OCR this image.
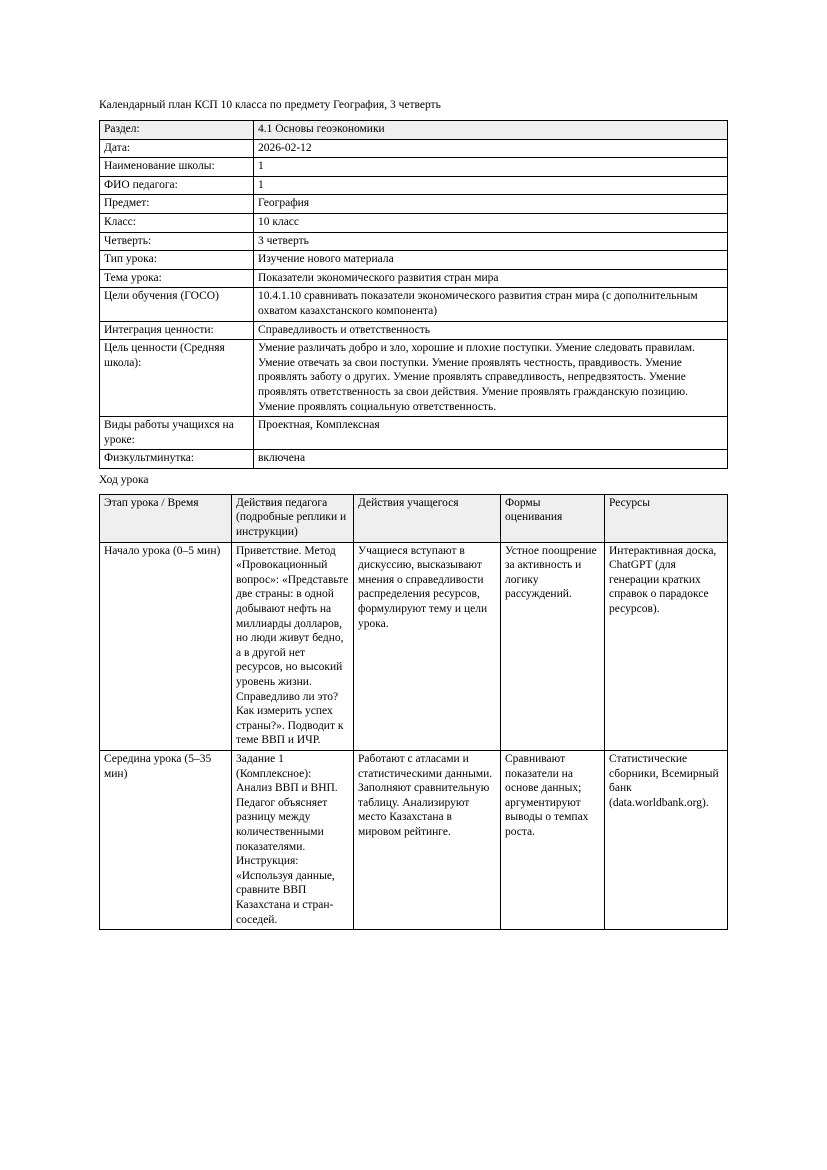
Календарный план КСП 10 класса по предмету География, 3 четверть

Раздел:	4.1 Основы геоэкономики
Дата:	2026-02-12
Наименование школы:	1
ФИО педагога:	1
Предмет:	География
Класс:	10 класс
Четверть:	3 четверть
Тип урока:	Изучение нового материала
Тема урока:	Показатели экономического развития стран мира
Цели обучения (ГОСО)	10.4.1.10 сравнивать показатели экономического развития стран мира (с дополнительным охватом казахстанского компонента)
Интеграция ценности:	Справедливость и ответственность
Цель ценности (Средняя школа):	Умение различать добро и зло, хорошие и плохие поступки. Умение следовать правилам. Умение отвечать за свои поступки. Умение проявлять честность, правдивость. Умение проявлять заботу о других. Умение проявлять справедливость, непредвзятость. Умение проявлять ответственность за свои действия. Умение проявлять гражданскую позицию. Умение проявлять социальную ответственность.
Виды работы учащихся на уроке:	Проектная, Комплексная
Физкультминутка:	включена

Ход урока

Этап урока / Время	Действия педагога (подробные реплики и инструкции)	Действия учащегося	Формы оценивания	Ресурсы
Начало урока (0–5 мин)	Приветствие. Метод «Провокационный вопрос»: «Представьте две страны: в одной добывают нефть на миллиарды долларов, но люди живут бедно, а в другой нет ресурсов, но высокий уровень жизни. Справедливо ли это? Как измерить успех страны?». Подводит к теме ВВП и ИЧР.	Учащиеся вступают в дискуссию, высказывают мнения о справедливости распределения ресурсов, формулируют тему и цели урока.	Устное поощрение за активность и логику рассуждений.	Интерактивная доска, ChatGPT (для генерации кратких справок о парадоксе ресурсов).
Середина урока (5–35 мин)	Задание 1 (Комплексное): Анализ ВВП и ВНП. Педагог объясняет разницу между количественными показателями. Инструкция: «Используя данные, сравните ВВП Казахстана и стран-соседей.	Работают с атласами и статистическими данными. Заполняют сравнительную таблицу. Анализируют место Казахстана в мировом рейтинге.	Сравнивают показатели на основе данных; аргументируют выводы о темпах роста.	Статистические сборники, Всемирный банк (data.worldbank.org).
